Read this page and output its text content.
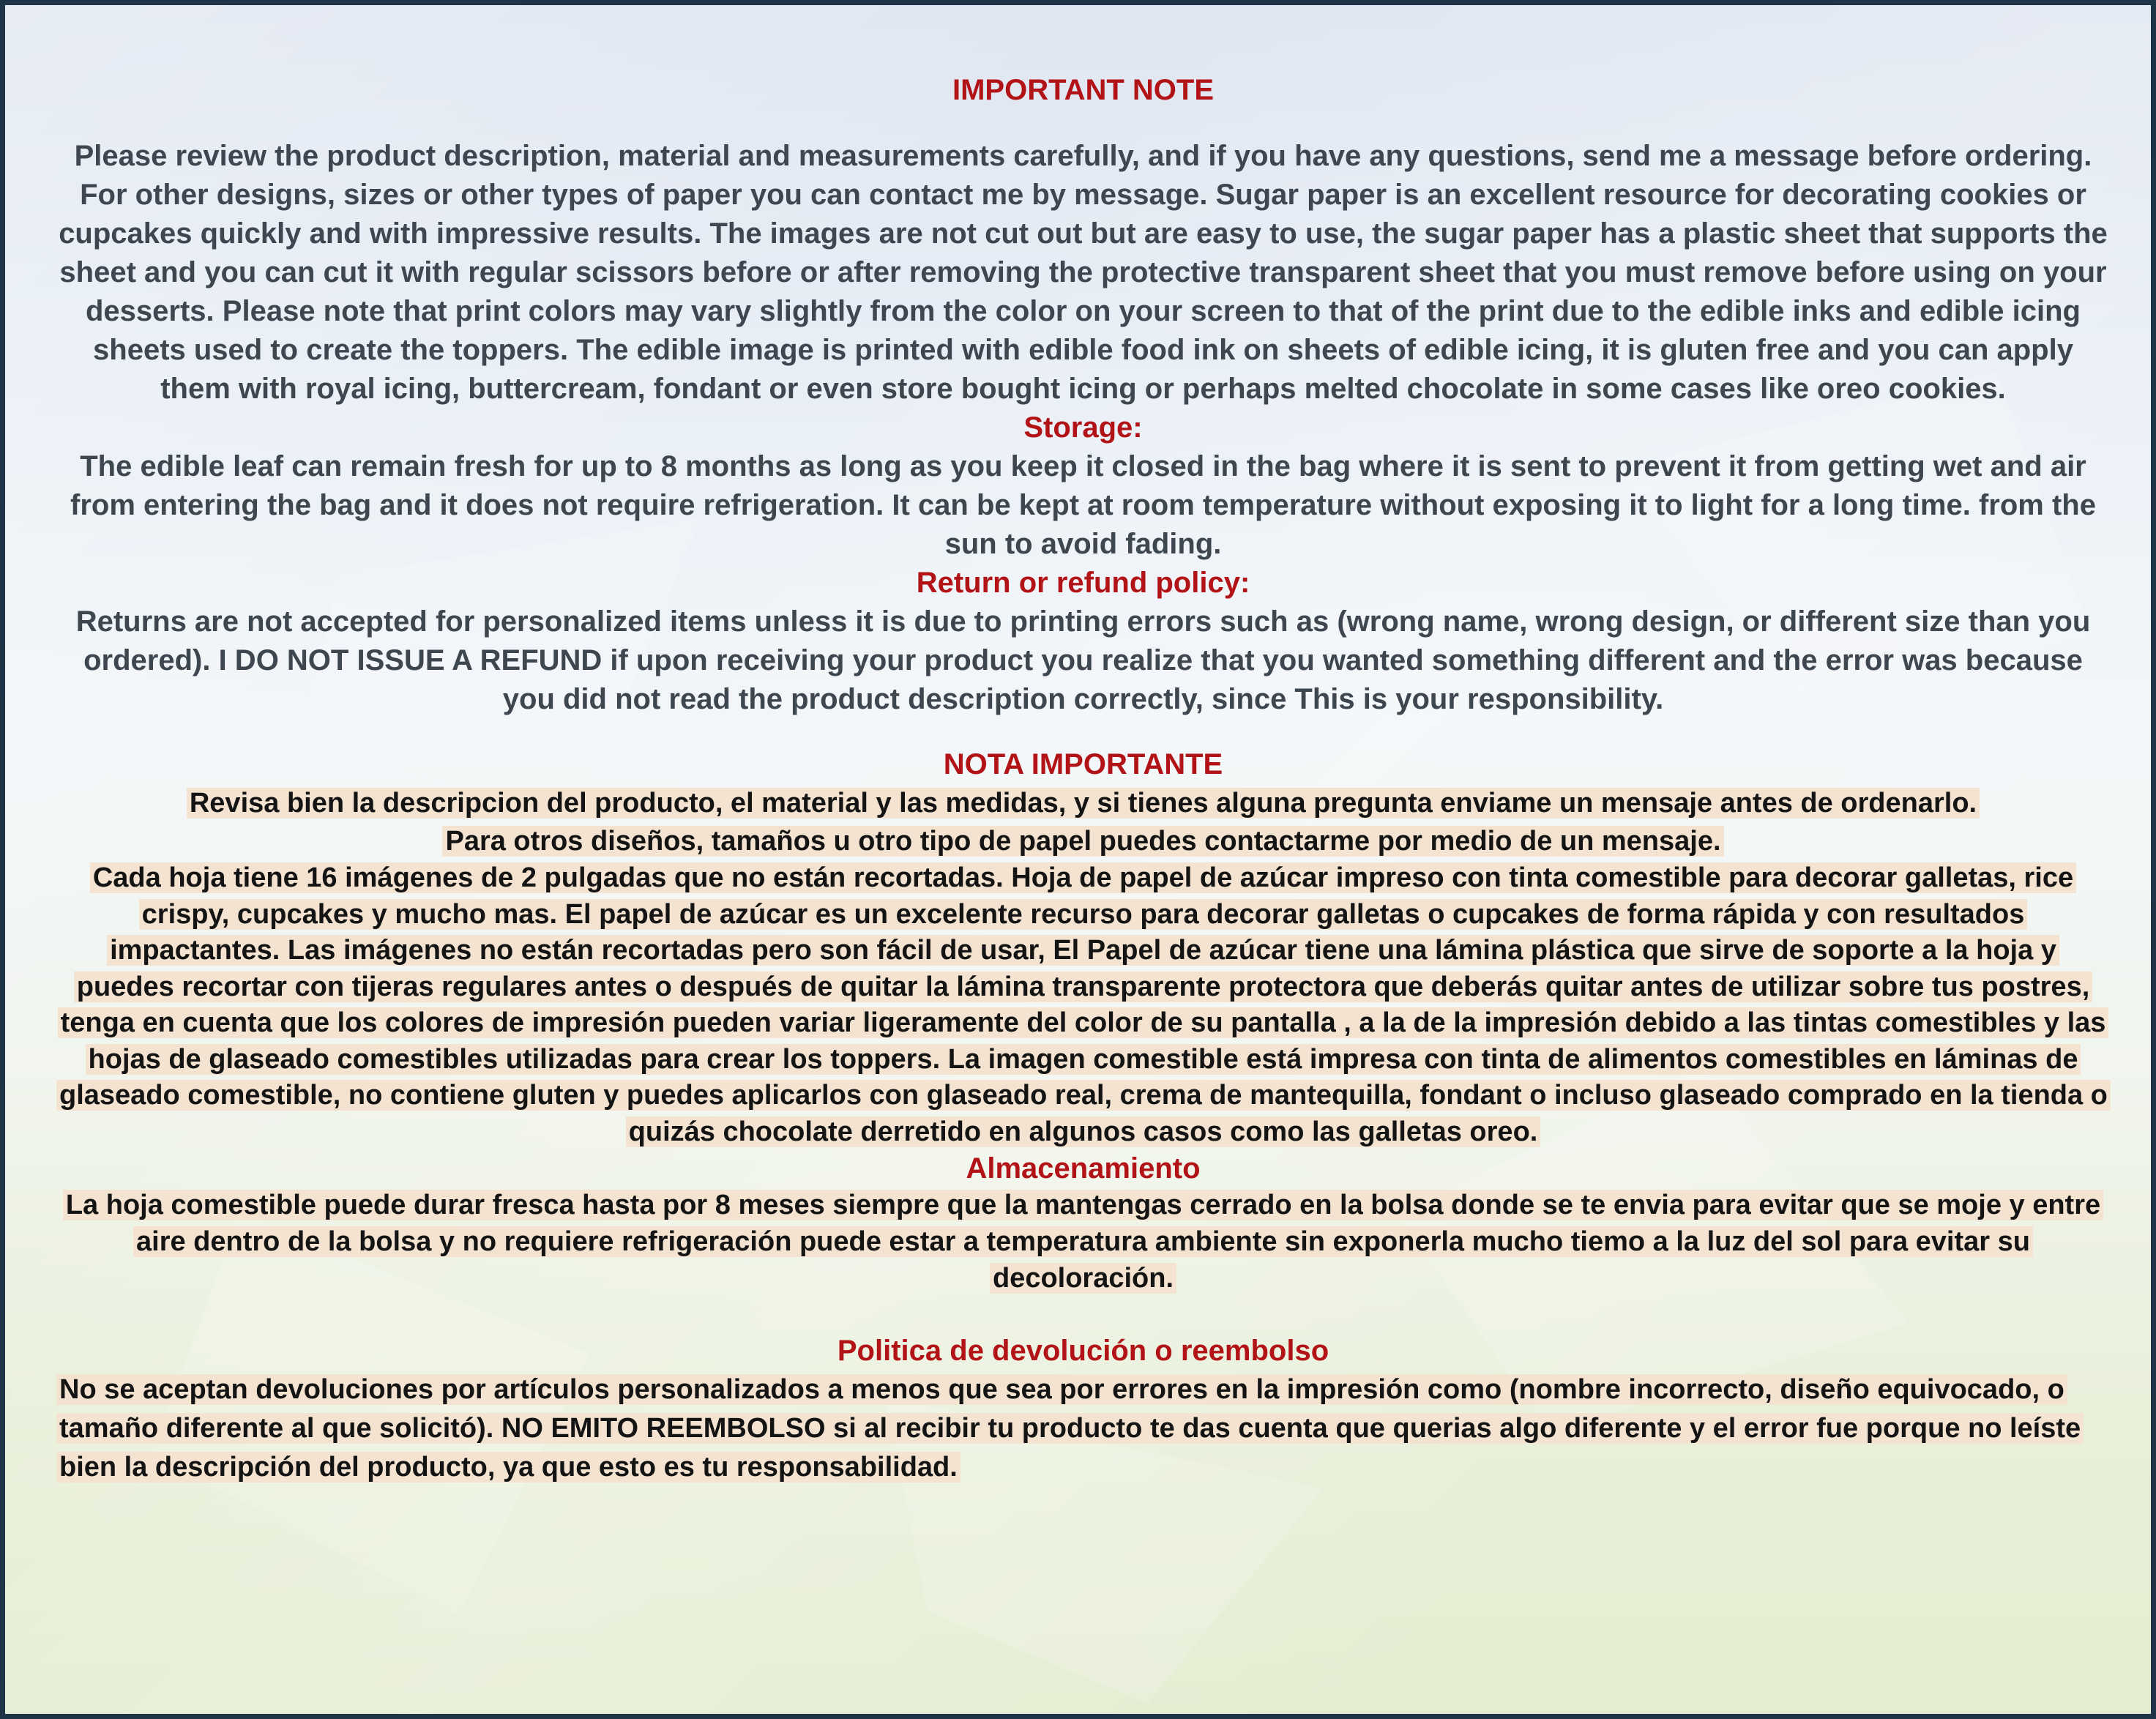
IMPORTANT NOTE

Please review the product description, material and measurements carefully, and if you have any questions, send me a message before ordering. For other designs, sizes or other types of paper you can contact me by message. Sugar paper is an excellent resource for decorating cookies or cupcakes quickly and with impressive results. The images are not cut out but are easy to use, the sugar paper has a plastic sheet that supports the sheet and you can cut it with regular scissors before or after removing the protective transparent sheet that you must remove before using on your desserts. Please note that print colors may vary slightly from the color on your screen to that of the print due to the edible inks and edible icing sheets used to create the toppers. The edible image is printed with edible food ink on sheets of edible icing, it is gluten free and you can apply them with royal icing, buttercream, fondant or even store bought icing or perhaps melted chocolate in some cases like oreo cookies.

Storage:

The edible leaf can remain fresh for up to 8 months as long as you keep it closed in the bag where it is sent to prevent it from getting wet and air from entering the bag and it does not require refrigeration. It can be kept at room temperature without exposing it to light for a long time. from the sun to avoid fading.

Return or refund policy:

Returns are not accepted for personalized items unless it is due to printing errors such as (wrong name, wrong design, or different size than you ordered). I DO NOT ISSUE A REFUND if upon receiving your product you realize that you wanted something different and the error was because you did not read the product description correctly, since This is your responsibility.

NOTA IMPORTANTE
Revisa bien la descripcion del producto, el material y las medidas, y si tienes alguna pregunta enviame un mensaje antes de ordenarlo.
Para otros diseños, tamaños u otro tipo de papel puedes contactarme por medio de un mensaje.
Cada hoja tiene 16 imágenes de 2 pulgadas que no están recortadas. Hoja de papel de azúcar impreso con tinta comestible para decorar galletas, rice crispy, cupcakes y mucho mas. El papel de azúcar es un excelente recurso para decorar galletas o cupcakes de forma rápida y con resultados impactantes. Las imágenes no están recortadas pero son fácil de usar, El Papel de azúcar tiene una lámina plástica que sirve de soporte a la hoja y puedes recortar con tijeras regulares antes o después de quitar la lámina transparente protectora que deberás quitar antes de utilizar sobre tus postres, tenga en cuenta que los colores de impresión pueden variar ligeramente del color de su pantalla , a la de la impresión debido a las tintas comestibles y las hojas de glaseado comestibles utilizadas para crear los toppers. La imagen comestible está impresa con tinta de alimentos comestibles en láminas de glaseado comestible, no contiene gluten y puedes aplicarlos con glaseado real, crema de mantequilla, fondant o incluso glaseado comprado en la tienda o quizás chocolate derretido en algunos casos como las galletas oreo.
Almacenamiento
La hoja comestible puede durar fresca hasta por 8 meses siempre que la mantengas cerrado en la bolsa donde se te envia para evitar que se moje y entre aire dentro de la bolsa y no requiere refrigeración puede estar a temperatura ambiente sin exponerla mucho tiemo a la luz del sol para evitar su decoloración.
Politica de devolución o reembolso
No se aceptan devoluciones por artículos personalizados a menos que sea por errores en la impresión como (nombre incorrecto, diseño equivocado, o tamaño diferente al que solicitó). NO EMITO REEMBOLSO si al recibir tu producto te das cuenta que querias algo diferente y el error fue porque no leíste bien la descripción del producto, ya que esto es tu responsabilidad.
